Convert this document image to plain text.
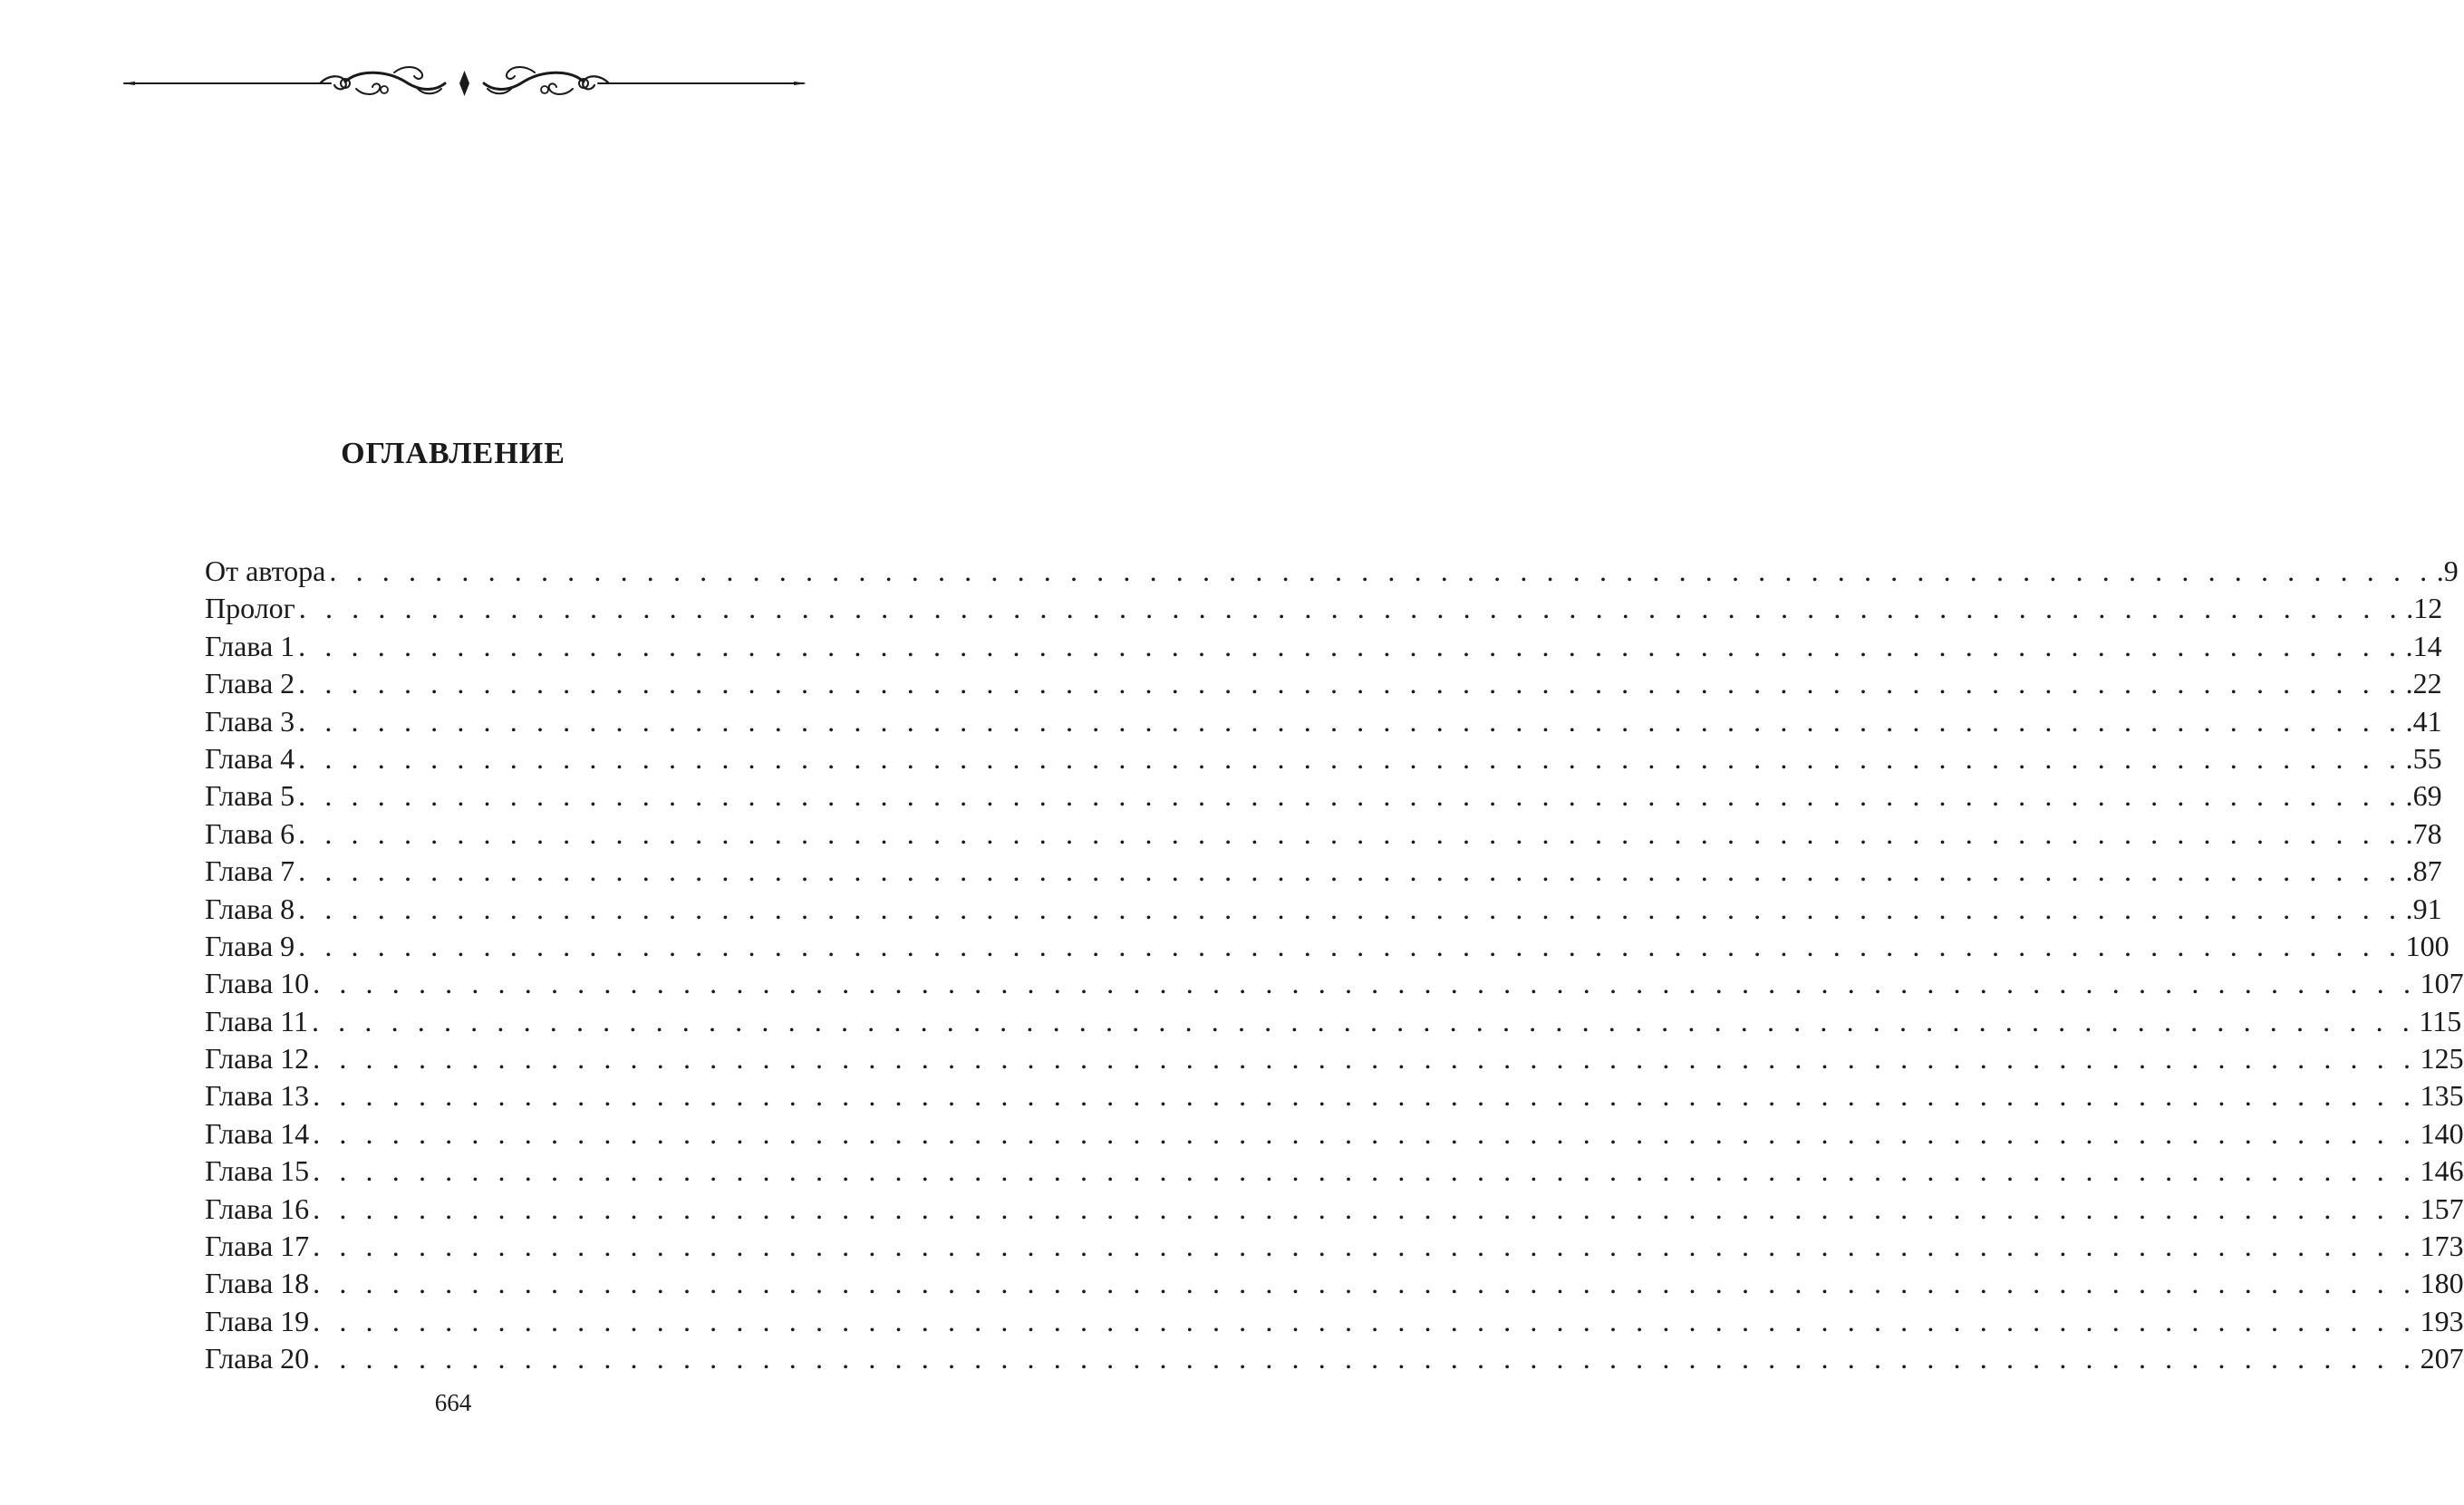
ОГЛАВЛЕНИЕ
От автора . . . . . . . . . . . . . . . . . . . . . . . . . . . . . . . . . . . . . . . . . . . . . . . . . . . . . . . . . . . . . . . . . . . . . . . . . . . . . . . . .9
Пролог . . . . . . . . . . . . . . . . . . . . . . . . . . . . . . . . . . . . . . . . . . . . . . . . . . . . . . . . . . . . . . . . . . . . . . . . . . . . . . . . .12
Глава 1 . . . . . . . . . . . . . . . . . . . . . . . . . . . . . . . . . . . . . . . . . . . . . . . . . . . . . . . . . . . . . . . . . . . . . . . . . . . . . . . . .14
Глава 2 . . . . . . . . . . . . . . . . . . . . . . . . . . . . . . . . . . . . . . . . . . . . . . . . . . . . . . . . . . . . . . . . . . . . . . . . . . . . . . . . .22
Глава 3 . . . . . . . . . . . . . . . . . . . . . . . . . . . . . . . . . . . . . . . . . . . . . . . . . . . . . . . . . . . . . . . . . . . . . . . . . . . . . . . . .41
Глава 4 . . . . . . . . . . . . . . . . . . . . . . . . . . . . . . . . . . . . . . . . . . . . . . . . . . . . . . . . . . . . . . . . . . . . . . . . . . . . . . . . .55
Глава 5 . . . . . . . . . . . . . . . . . . . . . . . . . . . . . . . . . . . . . . . . . . . . . . . . . . . . . . . . . . . . . . . . . . . . . . . . . . . . . . . . .69
Глава 6 . . . . . . . . . . . . . . . . . . . . . . . . . . . . . . . . . . . . . . . . . . . . . . . . . . . . . . . . . . . . . . . . . . . . . . . . . . . . . . . . .78
Глава 7 . . . . . . . . . . . . . . . . . . . . . . . . . . . . . . . . . . . . . . . . . . . . . . . . . . . . . . . . . . . . . . . . . . . . . . . . . . . . . . . . .87
Глава 8 . . . . . . . . . . . . . . . . . . . . . . . . . . . . . . . . . . . . . . . . . . . . . . . . . . . . . . . . . . . . . . . . . . . . . . . . . . . . . . . . .91
Глава 9 . . . . . . . . . . . . . . . . . . . . . . . . . . . . . . . . . . . . . . . . . . . . . . . . . . . . . . . . . . . . . . . . . . . . . . . . . . . . . . . . 100
Глава 10 . . . . . . . . . . . . . . . . . . . . . . . . . . . . . . . . . . . . . . . . . . . . . . . . . . . . . . . . . . . . . . . . . . . . . . . . . . . . . . . . 107
Глава 11 . . . . . . . . . . . . . . . . . . . . . . . . . . . . . . . . . . . . . . . . . . . . . . . . . . . . . . . . . . . . . . . . . . . . . . . . . . . . . . . . 115
Глава 12 . . . . . . . . . . . . . . . . . . . . . . . . . . . . . . . . . . . . . . . . . . . . . . . . . . . . . . . . . . . . . . . . . . . . . . . . . . . . . . . . 125
Глава 13 . . . . . . . . . . . . . . . . . . . . . . . . . . . . . . . . . . . . . . . . . . . . . . . . . . . . . . . . . . . . . . . . . . . . . . . . . . . . . . . . 135
Глава 14 . . . . . . . . . . . . . . . . . . . . . . . . . . . . . . . . . . . . . . . . . . . . . . . . . . . . . . . . . . . . . . . . . . . . . . . . . . . . . . . . 140
Глава 15 . . . . . . . . . . . . . . . . . . . . . . . . . . . . . . . . . . . . . . . . . . . . . . . . . . . . . . . . . . . . . . . . . . . . . . . . . . . . . . . . 146
Глава 16 . . . . . . . . . . . . . . . . . . . . . . . . . . . . . . . . . . . . . . . . . . . . . . . . . . . . . . . . . . . . . . . . . . . . . . . . . . . . . . . . 157
Глава 17 . . . . . . . . . . . . . . . . . . . . . . . . . . . . . . . . . . . . . . . . . . . . . . . . . . . . . . . . . . . . . . . . . . . . . . . . . . . . . . . . 173
Глава 18 . . . . . . . . . . . . . . . . . . . . . . . . . . . . . . . . . . . . . . . . . . . . . . . . . . . . . . . . . . . . . . . . . . . . . . . . . . . . . . . . 180
Глава 19 . . . . . . . . . . . . . . . . . . . . . . . . . . . . . . . . . . . . . . . . . . . . . . . . . . . . . . . . . . . . . . . . . . . . . . . . . . . . . . . . 193
Глава 20 . . . . . . . . . . . . . . . . . . . . . . . . . . . . . . . . . . . . . . . . . . . . . . . . . . . . . . . . . . . . . . . . . . . . . . . . . . . . . . . . 207
664
